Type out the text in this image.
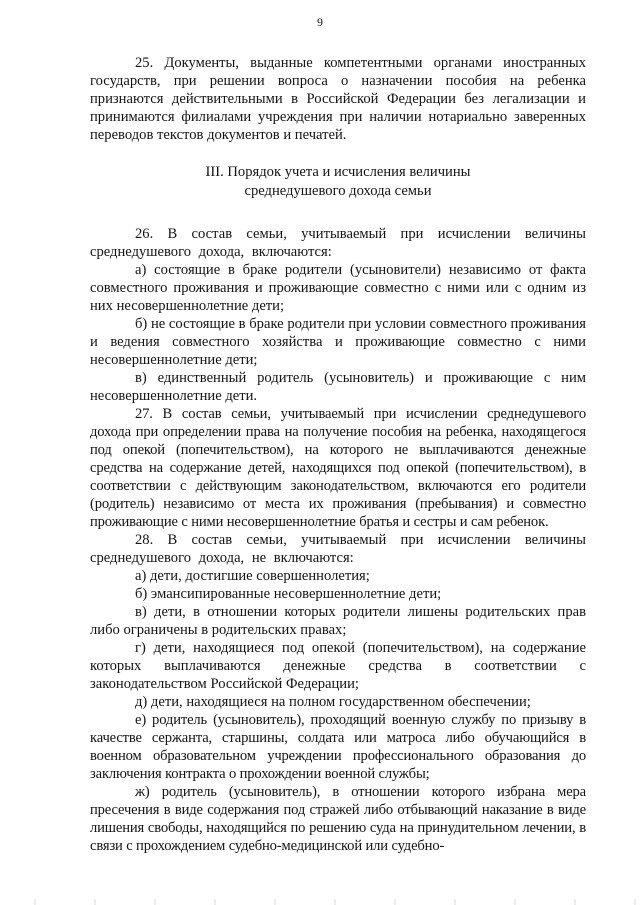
9

25. Документы, выданные компетентными органами иностранных государств, при решении вопроса о назначении пособия на ребенка признаются действительными в Российской Федерации без легализации и принимаются филиалами учреждения при наличии нотариально заверенных переводов текстов документов и печатей.

III. Порядок учета и исчисления величины
среднедушевого дохода семьи

26. В состав семьи, учитываемый при исчислении величины среднедушевого дохода, включаются:

а) состоящие в браке родители (усыновители) независимо от факта совместного проживания и проживающие совместно с ними или с одним из них несовершеннолетние дети;

б) не состоящие в браке родители при условии совместного проживания и ведения совместного хозяйства и проживающие совместно с ними несовершеннолетние дети;

в) единственный родитель (усыновитель) и проживающие с ним несовершеннолетние дети.

27. В состав семьи, учитываемый при исчислении среднедушевого дохода при определении права на получение пособия на ребенка, находящегося под опекой (попечительством), на которого не выплачиваются денежные средства на содержание детей, находящихся под опекой (попечительством), в соответствии с действующим законодательством, включаются его родители (родитель) независимо от места их проживания (пребывания) и совместно проживающие с ними несовершеннолетние братья и сестры и сам ребенок.

28. В состав семьи, учитываемый при исчислении величины среднедушевого дохода, не включаются:

а) дети, достигшие совершеннолетия;

б) эмансипированные несовершеннолетние дети;

в) дети, в отношении которых родители лишены родительских прав либо ограничены в родительских правах;

г) дети, находящиеся под опекой (попечительством), на содержание которых выплачиваются денежные средства в соответствии с законодательством Российской Федерации;

д) дети, находящиеся на полном государственном обеспечении;

е) родитель (усыновитель), проходящий военную службу по призыву в качестве сержанта, старшины, солдата или матроса либо обучающийся в военном образовательном учреждении профессионального образования до заключения контракта о прохождении военной службы;

ж) родитель (усыновитель), в отношении которого избрана мера пресечения в виде содержания под стражей либо отбывающий наказание в виде лишения свободы, находящийся по решению суда на принудительном лечении, в связи с прохождением судебно-медицинской или судебно-
